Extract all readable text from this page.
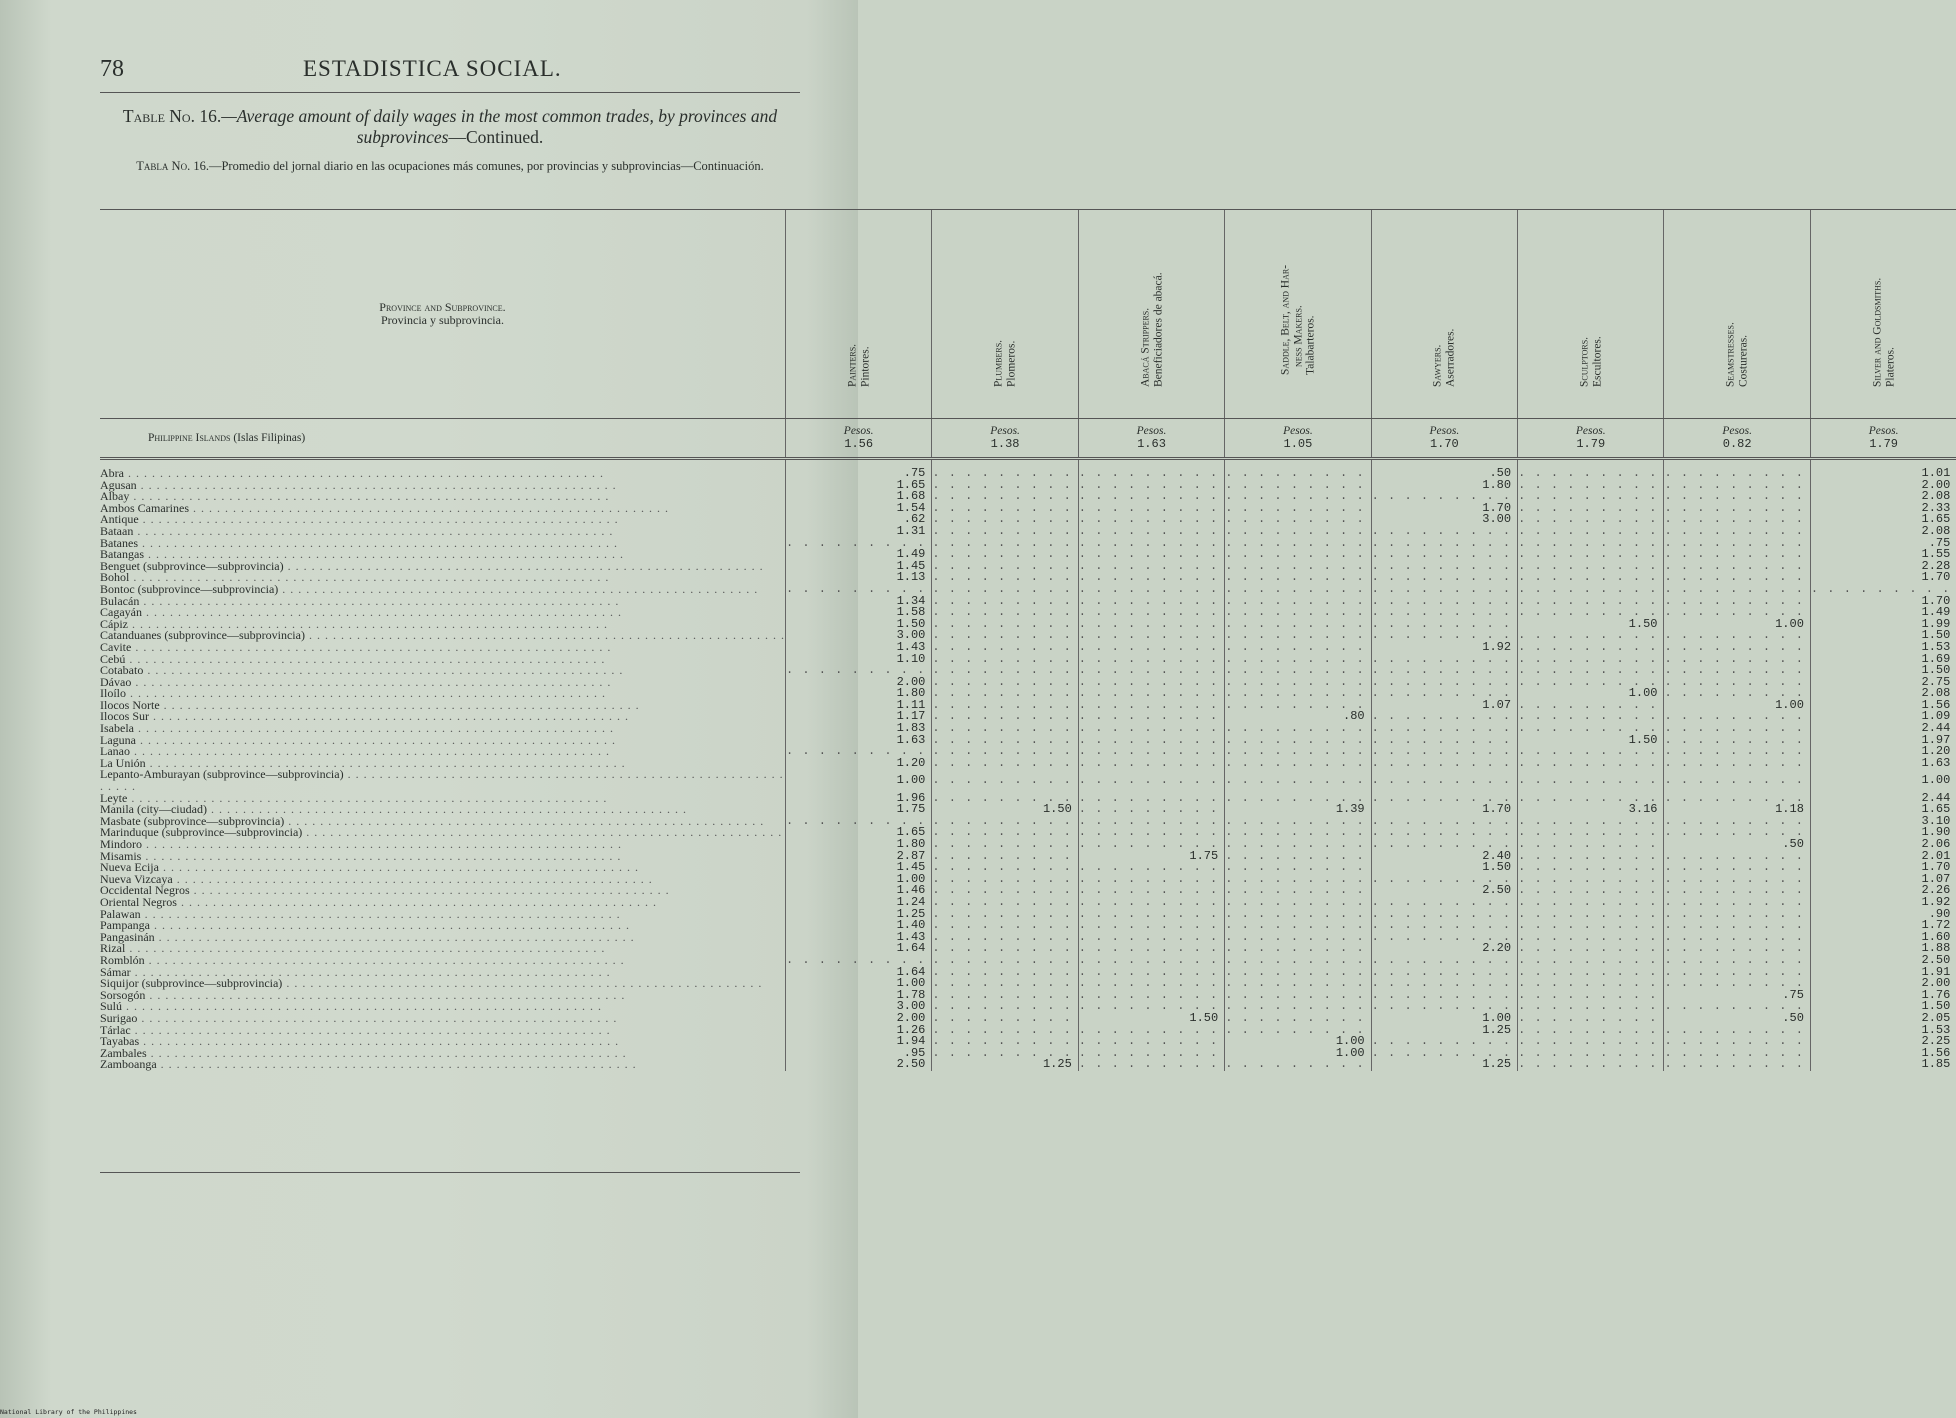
78	ESTADISTICA SOCIAL.
Table No. 16.—Average amount of daily wages in the most common trades, by provinces and subprovinces—Continued.
Tabla No. 16.—Promedio del jornal diario en las ocupaciones más comunes, por provincias y subprovincias—Continuación.
Province and Subprovince.
Provincia y subprovincia.	Painters.
Pintores.	Plumbers.
Plomeros.	Abacá Strippers.
Beneficiadores de abacá.	Saddle, Belt, and Har-
ness Makers.
Talabarteros.	Sawyers.
Aserradores.	Sculptors.
Escultores.	Seamstresses.
Costureras.	Silver and Goldsmiths.
Plateros.

Philippine Islands (Islas Filipinas)	Pesos.
1.56	Pesos.
1.38	Pesos.
1.63	Pesos.
1.05	Pesos.
1.70	Pesos.
1.79	Pesos.
0.82	Pesos.
1.79

Abra . . . . . . . . . . . . . . . . . . . . . . . . . . . . . . . . . . . . . . . . . . . . . . . . . . . . . . . . . . . .	.75	. . . . . . . . .	. . . . . . . . .	. . . . . . . . .	.50	. . . . . . . . .	. . . . . . . . .	1.01
Agusan . . . . . . . . . . . . . . . . . . . . . . . . . . . . . . . . . . . . . . . . . . . . . . . . . . . . . . . . . . . .	1.65	. . . . . . . . .	. . . . . . . . .	. . . . . . . . .	1.80	. . . . . . . . .	. . . . . . . . .	2.00
Albay . . . . . . . . . . . . . . . . . . . . . . . . . . . . . . . . . . . . . . . . . . . . . . . . . . . . . . . . . . . .	1.68	. . . . . . . . .	. . . . . . . . .	. . . . . . . . .	. . . . . . . . .	. . . . . . . . .	. . . . . . . . .	2.08
Ambos Camarines . . . . . . . . . . . . . . . . . . . . . . . . . . . . . . . . . . . . . . . . . . . . . . . . . . . . . . . . . . . .	1.54	. . . . . . . . .	. . . . . . . . .	. . . . . . . . .	1.70	. . . . . . . . .	. . . . . . . . .	2.33
Antique . . . . . . . . . . . . . . . . . . . . . . . . . . . . . . . . . . . . . . . . . . . . . . . . . . . . . . . . . . . .	.62	. . . . . . . . .	. . . . . . . . .	. . . . . . . . .	3.00	. . . . . . . . .	. . . . . . . . .	1.65
Bataan . . . . . . . . . . . . . . . . . . . . . . . . . . . . . . . . . . . . . . . . . . . . . . . . . . . . . . . . . . . .	1.31	. . . . . . . . .	. . . . . . . . .	. . . . . . . . .	. . . . . . . . .	. . . . . . . . .	. . . . . . . . .	2.08
Batanes . . . . . . . . . . . . . . . . . . . . . . . . . . . . . . . . . . . . . . . . . . . . . . . . . . . . . . . . . . . .	. . . . . . . . .	. . . . . . . . .	. . . . . . . . .	. . . . . . . . .	. . . . . . . . .	. . . . . . . . .	. . . . . . . . .	.75
Batangas . . . . . . . . . . . . . . . . . . . . . . . . . . . . . . . . . . . . . . . . . . . . . . . . . . . . . . . . . . . .	1.49	. . . . . . . . .	. . . . . . . . .	. . . . . . . . .	. . . . . . . . .	. . . . . . . . .	. . . . . . . . .	1.55
Benguet (subprovince—subprovincia) . . . . . . . . . . . . . . . . . . . . . . . . . . . . . . . . . . . . . . . . . . . . . . . . . . . . . . . . . . . .	1.45	. . . . . . . . .	. . . . . . . . .	. . . . . . . . .	. . . . . . . . .	. . . . . . . . .	. . . . . . . . .	2.28
Bohol . . . . . . . . . . . . . . . . . . . . . . . . . . . . . . . . . . . . . . . . . . . . . . . . . . . . . . . . . . . .	1.13	. . . . . . . . .	. . . . . . . . .	. . . . . . . . .	. . . . . . . . .	. . . . . . . . .	. . . . . . . . .	1.70
Bontoc (subprovince—subprovincia) . . . . . . . . . . . . . . . . . . . . . . . . . . . . . . . . . . . . . . . . . . . . . . . . . . . . . . . . . . . .	. . . . . . . . .	. . . . . . . . .	. . . . . . . . .	. . . . . . . . .	. . . . . . . . .	. . . . . . . . .	. . . . . . . . .	. . . . . . . . .
Bulacán . . . . . . . . . . . . . . . . . . . . . . . . . . . . . . . . . . . . . . . . . . . . . . . . . . . . . . . . . . . .	1.34	. . . . . . . . .	. . . . . . . . .	. . . . . . . . .	. . . . . . . . .	. . . . . . . . .	. . . . . . . . .	1.70
Cagayán . . . . . . . . . . . . . . . . . . . . . . . . . . . . . . . . . . . . . . . . . . . . . . . . . . . . . . . . . . . .	1.58	. . . . . . . . .	. . . . . . . . .	. . . . . . . . .	. . . . . . . . .	. . . . . . . . .	. . . . . . . . .	1.49
Cápiz . . . . . . . . . . . . . . . . . . . . . . . . . . . . . . . . . . . . . . . . . . . . . . . . . . . . . . . . . . . .	1.50	. . . . . . . . .	. . . . . . . . .	. . . . . . . . .	. . . . . . . . .	1.50	1.00	1.99
Catanduanes (subprovince—subprovincia) . . . . . . . . . . . . . . . . . . . . . . . . . . . . . . . . . . . . . . . . . . . . . . . . . . . . . . . . . . . .	3.00	. . . . . . . . .	. . . . . . . . .	. . . . . . . . .	. . . . . . . . .	. . . . . . . . .	. . . . . . . . .	1.50
Cavite . . . . . . . . . . . . . . . . . . . . . . . . . . . . . . . . . . . . . . . . . . . . . . . . . . . . . . . . . . . .	1.43	. . . . . . . . .	. . . . . . . . .	. . . . . . . . .	1.92	. . . . . . . . .	. . . . . . . . .	1.53
Cebú . . . . . . . . . . . . . . . . . . . . . . . . . . . . . . . . . . . . . . . . . . . . . . . . . . . . . . . . . . . .	1.10	. . . . . . . . .	. . . . . . . . .	. . . . . . . . .	. . . . . . . . .	. . . . . . . . .	. . . . . . . . .	1.69
Cotabato . . . . . . . . . . . . . . . . . . . . . . . . . . . . . . . . . . . . . . . . . . . . . . . . . . . . . . . . . . . .	. . . . . . . . .	. . . . . . . . .	. . . . . . . . .	. . . . . . . . .	. . . . . . . . .	. . . . . . . . .	. . . . . . . . .	1.50
Dávao . . . . . . . . . . . . . . . . . . . . . . . . . . . . . . . . . . . . . . . . . . . . . . . . . . . . . . . . . . . .	2.00	. . . . . . . . .	. . . . . . . . .	. . . . . . . . .	. . . . . . . . .	. . . . . . . . .	. . . . . . . . .	2.75
Iloílo . . . . . . . . . . . . . . . . . . . . . . . . . . . . . . . . . . . . . . . . . . . . . . . . . . . . . . . . . . . .	1.80	. . . . . . . . .	. . . . . . . . .	. . . . . . . . .	. . . . . . . . .	1.00	. . . . . . . . .	2.08
Ilocos Norte . . . . . . . . . . . . . . . . . . . . . . . . . . . . . . . . . . . . . . . . . . . . . . . . . . . . . . . . . . . .	1.11	. . . . . . . . .	. . . . . . . . .	. . . . . . . . .	1.07	. . . . . . . . .	1.00	1.56
Ilocos Sur . . . . . . . . . . . . . . . . . . . . . . . . . . . . . . . . . . . . . . . . . . . . . . . . . . . . . . . . . . . .	1.17	. . . . . . . . .	. . . . . . . . .	.80	. . . . . . . . .	. . . . . . . . .	. . . . . . . . .	1.09
Isabela . . . . . . . . . . . . . . . . . . . . . . . . . . . . . . . . . . . . . . . . . . . . . . . . . . . . . . . . . . . .	1.83	. . . . . . . . .	. . . . . . . . .	. . . . . . . . .	. . . . . . . . .	. . . . . . . . .	. . . . . . . . .	2.44
Laguna . . . . . . . . . . . . . . . . . . . . . . . . . . . . . . . . . . . . . . . . . . . . . . . . . . . . . . . . . . . .	1.63	. . . . . . . . .	. . . . . . . . .	. . . . . . . . .	. . . . . . . . .	1.50	. . . . . . . . .	1.97
Lanao . . . . . . . . . . . . . . . . . . . . . . . . . . . . . . . . . . . . . . . . . . . . . . . . . . . . . . . . . . . .	. . . . . . . . .	. . . . . . . . .	. . . . . . . . .	. . . . . . . . .	. . . . . . . . .	. . . . . . . . .	. . . . . . . . .	1.20
La Unión . . . . . . . . . . . . . . . . . . . . . . . . . . . . . . . . . . . . . . . . . . . . . . . . . . . . . . . . . . . .	1.20	. . . . . . . . .	. . . . . . . . .	. . . . . . . . .	. . . . . . . . .	. . . . . . . . .	. . . . . . . . .	1.63
Lepanto-Amburayan (subprovince—subprovincia) . . . . . . . . . . . . . . . . . . . . . . . . . . . . . . . . . . . . . . . . . . . . . . . . . . . . . . . . . . . .	1.00	. . . . . . . . .	. . . . . . . . .	. . . . . . . . .	. . . . . . . . .	. . . . . . . . .	. . . . . . . . .	1.00
Leyte . . . . . . . . . . . . . . . . . . . . . . . . . . . . . . . . . . . . . . . . . . . . . . . . . . . . . . . . . . . .	1.96	. . . . . . . . .	. . . . . . . . .	. . . . . . . . .	. . . . . . . . .	. . . . . . . . .	. . . . . . . . .	2.44
Manila (city—ciudad) . . . . . . . . . . . . . . . . . . . . . . . . . . . . . . . . . . . . . . . . . . . . . . . . . . . . . . . . . . . .	1.75	1.50	. . . . . . . . .	1.39	1.70	3.16	1.18	1.65
Masbate (subprovince—subprovincia) . . . . . . . . . . . . . . . . . . . . . . . . . . . . . . . . . . . . . . . . . . . . . . . . . . . . . . . . . . . .	. . . . . . . . .	. . . . . . . . .	. . . . . . . . .	. . . . . . . . .	. . . . . . . . .	. . . . . . . . .	. . . . . . . . .	3.10
Marinduque (subprovince—subprovincia) . . . . . . . . . . . . . . . . . . . . . . . . . . . . . . . . . . . . . . . . . . . . . . . . . . . . . . . . . . . .	1.65	. . . . . . . . .	. . . . . . . . .	. . . . . . . . .	. . . . . . . . .	. . . . . . . . .	. . . . . . . . .	1.90
Mindoro . . . . . . . . . . . . . . . . . . . . . . . . . . . . . . . . . . . . . . . . . . . . . . . . . . . . . . . . . . . .	1.80	. . . . . . . . .	. . . . . . . . .	. . . . . . . . .	. . . . . . . . .	. . . . . . . . .	.50	2.06
Misamis . . . . . . . . . . . . . . . . . . . . . . . . . . . . . . . . . . . . . . . . . . . . . . . . . . . . . . . . . . . .	2.87	. . . . . . . . .	1.75	. . . . . . . . .	2.40	. . . . . . . . .	. . . . . . . . .	2.01
Nueva Ecija . . . . . . . . . . . . . . . . . . . . . . . . . . . . . . . . . . . . . . . . . . . . . . . . . . . . . . . . . . . .	1.45	. . . . . . . . .	. . . . . . . . .	. . . . . . . . .	1.50	. . . . . . . . .	. . . . . . . . .	1.70
Nueva Vizcaya . . . . . . . . . . . . . . . . . . . . . . . . . . . . . . . . . . . . . . . . . . . . . . . . . . . . . . . . . . . .	1.00	. . . . . . . . .	. . . . . . . . .	. . . . . . . . .	. . . . . . . . .	. . . . . . . . .	. . . . . . . . .	1.07
Occidental Negros . . . . . . . . . . . . . . . . . . . . . . . . . . . . . . . . . . . . . . . . . . . . . . . . . . . . . . . . . . . .	1.46	. . . . . . . . .	. . . . . . . . .	. . . . . . . . .	2.50	. . . . . . . . .	. . . . . . . . .	2.26
Oriental Negros . . . . . . . . . . . . . . . . . . . . . . . . . . . . . . . . . . . . . . . . . . . . . . . . . . . . . . . . . . . .	1.24	. . . . . . . . .	. . . . . . . . .	. . . . . . . . .	. . . . . . . . .	. . . . . . . . .	. . . . . . . . .	1.92
Palawan . . . . . . . . . . . . . . . . . . . . . . . . . . . . . . . . . . . . . . . . . . . . . . . . . . . . . . . . . . . .	1.25	. . . . . . . . .	. . . . . . . . .	. . . . . . . . .	. . . . . . . . .	. . . . . . . . .	. . . . . . . . .	.90
Pampanga . . . . . . . . . . . . . . . . . . . . . . . . . . . . . . . . . . . . . . . . . . . . . . . . . . . . . . . . . . . .	1.40	. . . . . . . . .	. . . . . . . . .	. . . . . . . . .	. . . . . . . . .	. . . . . . . . .	. . . . . . . . .	1.72
Pangasinán . . . . . . . . . . . . . . . . . . . . . . . . . . . . . . . . . . . . . . . . . . . . . . . . . . . . . . . . . . . .	1.43	. . . . . . . . .	. . . . . . . . .	. . . . . . . . .	. . . . . . . . .	. . . . . . . . .	. . . . . . . . .	1.60
Rizal . . . . . . . . . . . . . . . . . . . . . . . . . . . . . . . . . . . . . . . . . . . . . . . . . . . . . . . . . . . .	1.64	. . . . . . . . .	. . . . . . . . .	. . . . . . . . .	2.20	. . . . . . . . .	. . . . . . . . .	1.88
Romblón . . . . . . . . . . . . . . . . . . . . . . . . . . . . . . . . . . . . . . . . . . . . . . . . . . . . . . . . . . . .	. . . . . . . . .	. . . . . . . . .	. . . . . . . . .	. . . . . . . . .	. . . . . . . . .	. . . . . . . . .	. . . . . . . . .	2.50
Sámar . . . . . . . . . . . . . . . . . . . . . . . . . . . . . . . . . . . . . . . . . . . . . . . . . . . . . . . . . . . .	1.64	. . . . . . . . .	. . . . . . . . .	. . . . . . . . .	. . . . . . . . .	. . . . . . . . .	. . . . . . . . .	1.91
Siquijor (subprovince—subprovincia) . . . . . . . . . . . . . . . . . . . . . . . . . . . . . . . . . . . . . . . . . . . . . . . . . . . . . . . . . . . .	1.00	. . . . . . . . .	. . . . . . . . .	. . . . . . . . .	. . . . . . . . .	. . . . . . . . .	. . . . . . . . .	2.00
Sorsogón . . . . . . . . . . . . . . . . . . . . . . . . . . . . . . . . . . . . . . . . . . . . . . . . . . . . . . . . . . . .	1.78	. . . . . . . . .	. . . . . . . . .	. . . . . . . . .	. . . . . . . . .	. . . . . . . . .	.75	1.76
Sulú . . . . . . . . . . . . . . . . . . . . . . . . . . . . . . . . . . . . . . . . . . . . . . . . . . . . . . . . . . . .	3.00	. . . . . . . . .	. . . . . . . . .	. . . . . . . . .	. . . . . . . . .	. . . . . . . . .	. . . . . . . . .	1.50
Surigao . . . . . . . . . . . . . . . . . . . . . . . . . . . . . . . . . . . . . . . . . . . . . . . . . . . . . . . . . . . .	2.00	. . . . . . . . .	1.50	. . . . . . . . .	1.00	. . . . . . . . .	.50	2.05
Tárlac . . . . . . . . . . . . . . . . . . . . . . . . . . . . . . . . . . . . . . . . . . . . . . . . . . . . . . . . . . . .	1.26	. . . . . . . . .	. . . . . . . . .	. . . . . . . . .	1.25	. . . . . . . . .	. . . . . . . . .	1.53
Tayabas . . . . . . . . . . . . . . . . . . . . . . . . . . . . . . . . . . . . . . . . . . . . . . . . . . . . . . . . . . . .	1.94	. . . . . . . . .	. . . . . . . . .	1.00	. . . . . . . . .	. . . . . . . . .	. . . . . . . . .	2.25
Zambales . . . . . . . . . . . . . . . . . . . . . . . . . . . . . . . . . . . . . . . . . . . . . . . . . . . . . . . . . . . .	.95	. . . . . . . . .	. . . . . . . . .	1.00	. . . . . . . . .	. . . . . . . . .	. . . . . . . . .	1.56
Zamboanga . . . . . . . . . . . . . . . . . . . . . . . . . . . . . . . . . . . . . . . . . . . . . . . . . . . . . . . . . . . .	2.50	1.25	. . . . . . . . .	. . . . . . . . .	1.25	. . . . . . . . .	. . . . . . . . .	1.85
National Library of the Philippines
